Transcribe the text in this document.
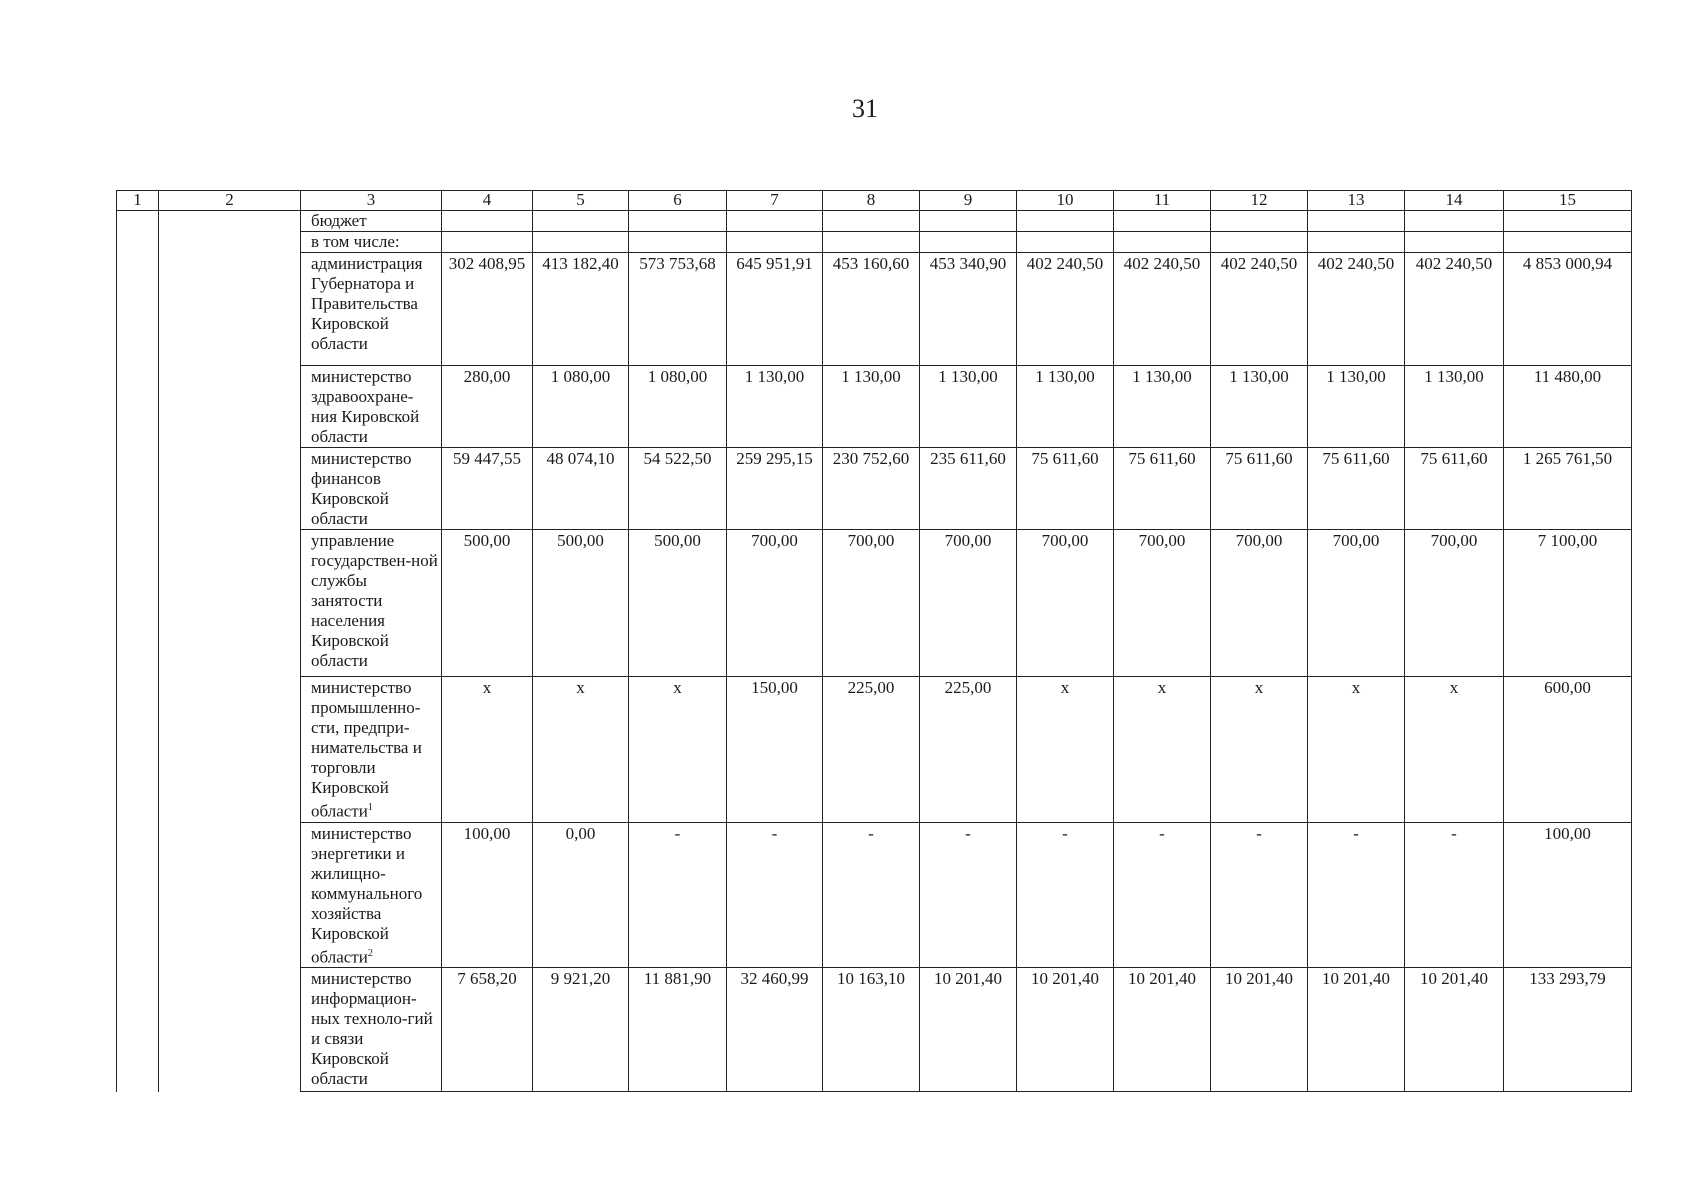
31
1	2	3	4	5	6	7	8	9	10	11	12	13	14	15
		бюджет												
		в том числе:												
		администрация Губернатора и Правительства Кировской области	302 408,95	413 182,40	573 753,68	645 951,91	453 160,60	453 340,90	402 240,50	402 240,50	402 240,50	402 240,50	402 240,50	4 853 000,94
		министерство здравоохране-ния Кировской области	280,00	1 080,00	1 080,00	1 130,00	1 130,00	1 130,00	1 130,00	1 130,00	1 130,00	1 130,00	1 130,00	11 480,00
		министерство финансов Кировской области	59 447,55	48 074,10	54 522,50	259 295,15	230 752,60	235 611,60	75 611,60	75 611,60	75 611,60	75 611,60	75 611,60	1 265 761,50
		управление государствен-ной службы занятости населения Кировской области	500,00	500,00	500,00	700,00	700,00	700,00	700,00	700,00	700,00	700,00	700,00	7 100,00
		министерство промышленно-сти, предпри-нимательства и торговли Кировской области$^1$	x	x	x	150,00	225,00	225,00	x	x	x	x	x	600,00
		министерство энергетики и жилищно-коммунального хозяйства Кировской области$^2$	100,00	0,00	-	-	-	-	-	-	-	-	-	100,00
		министерство информацион-ных техноло-гий и связи Кировской области	7 658,20	9 921,20	11 881,90	32 460,99	10 163,10	10 201,40	10 201,40	10 201,40	10 201,40	10 201,40	10 201,40	133 293,79
